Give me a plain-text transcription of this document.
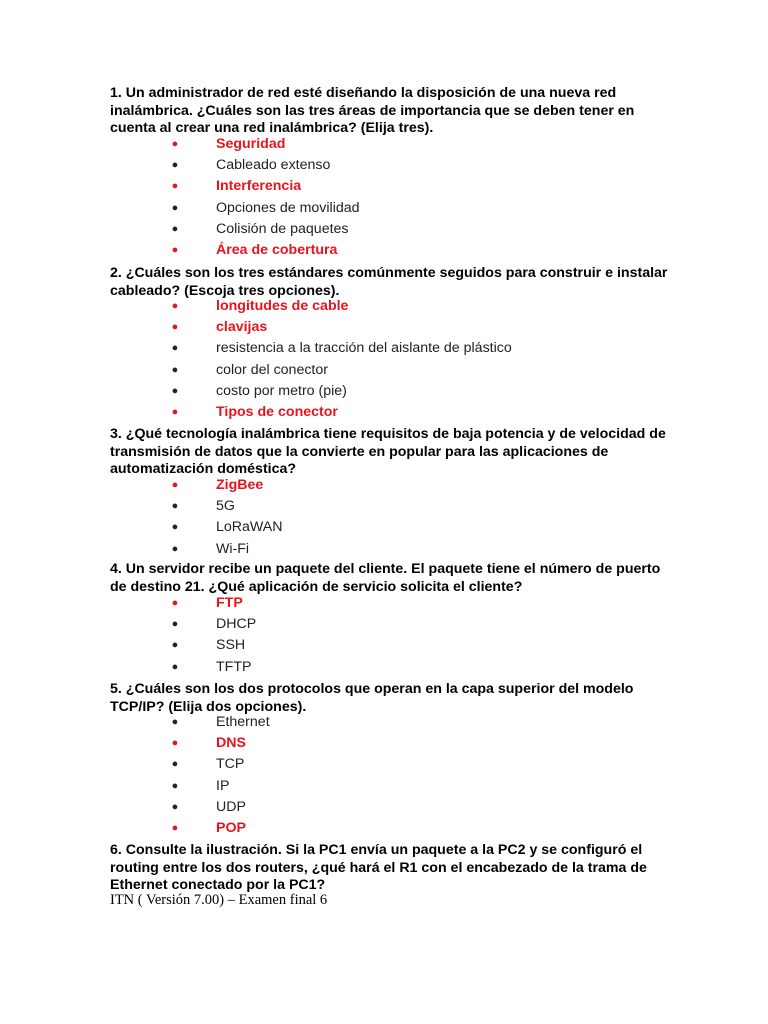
1. Un administrador de red esté diseñando la disposición de una nueva red inalámbrica. ¿Cuáles son las tres áreas de importancia que se deben tener en cuenta al crear una red inalámbrica? (Elija tres).
●	Seguridad
●	Cableado extenso
●	Interferencia
●	Opciones de movilidad
●	Colisión de paquetes
●	Área de cobertura
2. ¿Cuáles son los tres estándares comúnmente seguidos para construir e instalar cableado? (Escoja tres opciones).
●	longitudes de cable
●	clavijas
●	resistencia a la tracción del aislante de plástico
●	color del conector
●	costo por metro (pie)
●	Tipos de conector
3. ¿Qué tecnología inalámbrica tiene requisitos de baja potencia y de velocidad de transmisión de datos que la convierte en popular para las aplicaciones de automatización doméstica?
●	ZigBee
●	5G
●	LoRaWAN
●	Wi-Fi
4. Un servidor recibe un paquete del cliente. El paquete tiene el número de puerto de destino 21. ¿Qué aplicación de servicio solicita el cliente?
●	FTP
●	DHCP
●	SSH
●	TFTP
5. ¿Cuáles son los dos protocolos que operan en la capa superior del modelo TCP/IP? (Elija dos opciones).
●	Ethernet
●	DNS
●	TCP
●	IP
●	UDP
●	POP
6. Consulte la ilustración. Si la PC1 envía un paquete a la PC2 y se configuró el routing entre los dos routers, ¿qué hará el R1 con el encabezado de la trama de Ethernet conectado por la PC1?
ITN ( Versión 7.00) – Examen final 6
